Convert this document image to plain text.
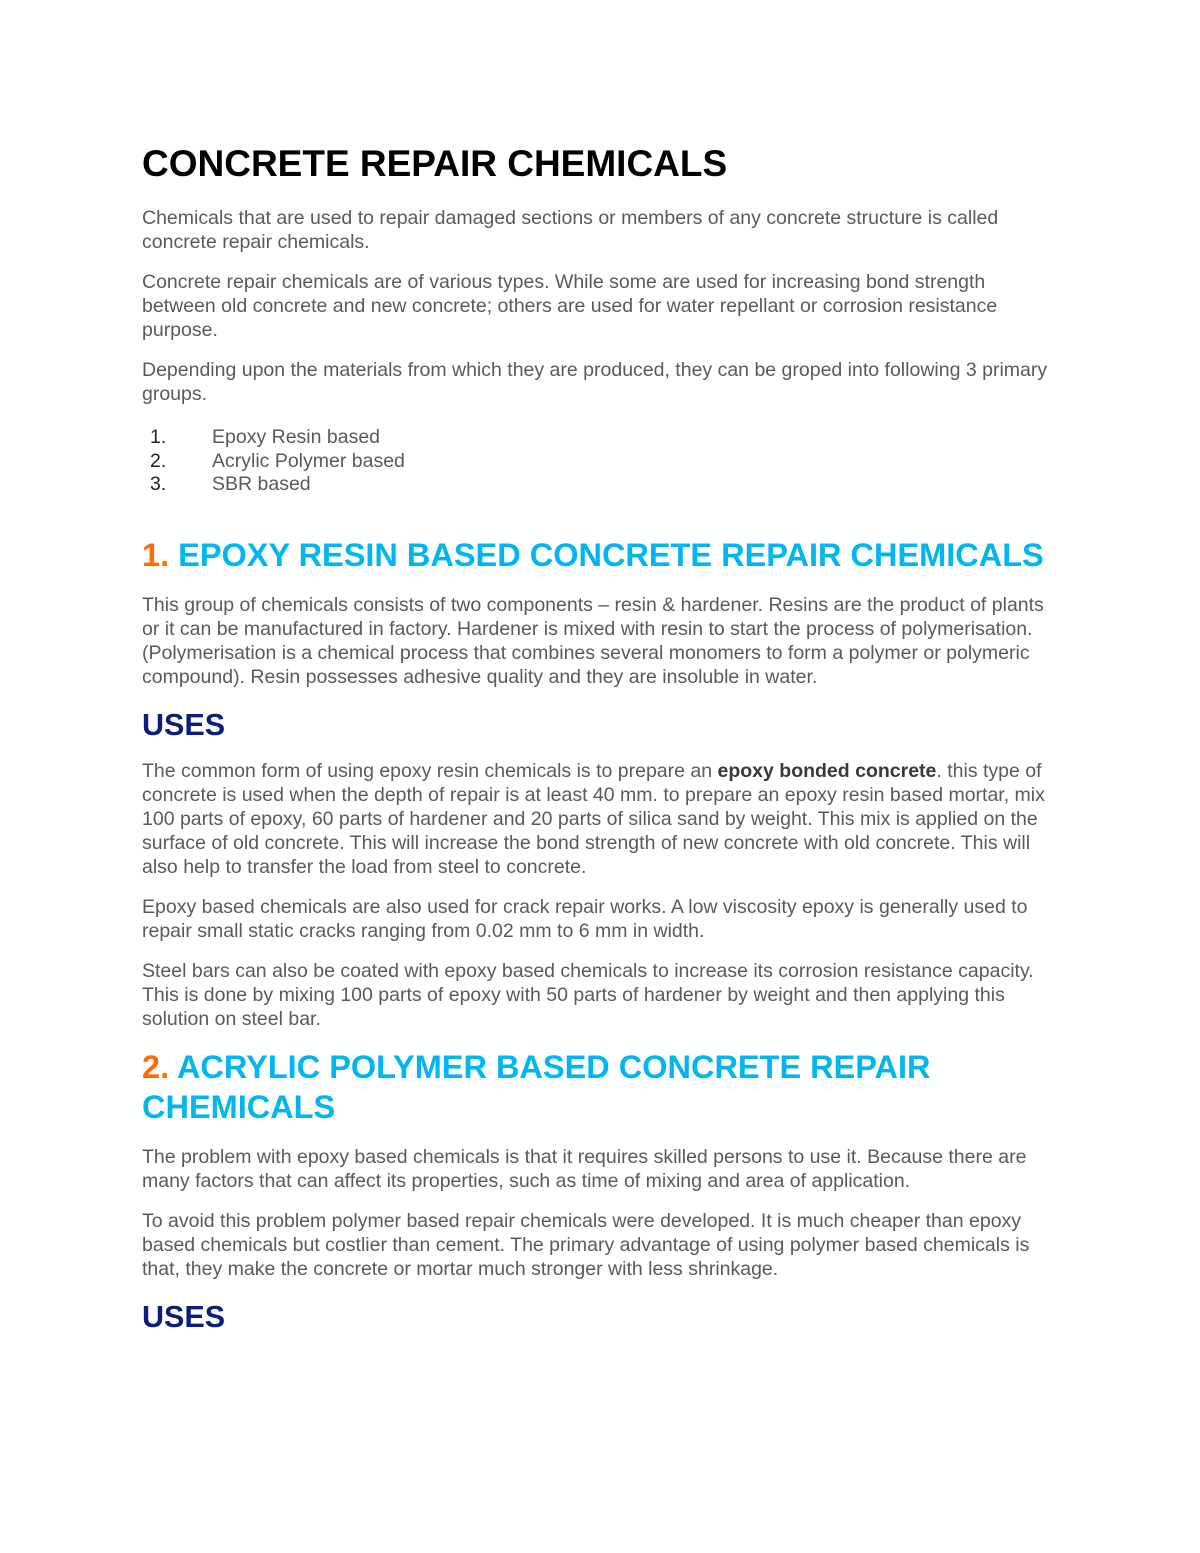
CONCRETE REPAIR CHEMICALS

Chemicals that are used to repair damaged sections or members of any concrete structure is called concrete repair chemicals.

Concrete repair chemicals are of various types. While some are used for increasing bond strength between old concrete and new concrete; others are used for water repellant or corrosion resistance purpose.

Depending upon the materials from which they are produced, they can be groped into following 3 primary groups.

1.	Epoxy Resin based
2.	Acrylic Polymer based
3.	SBR based
1. EPOXY RESIN BASED CONCRETE REPAIR CHEMICALS

This group of chemicals consists of two components – resin & hardener. Resins are the product of plants or it can be manufactured in factory. Hardener is mixed with resin to start the process of polymerisation. (Polymerisation is a chemical process that combines several monomers to form a polymer or polymeric compound). Resin possesses adhesive quality and they are insoluble in water.

USES

The common form of using epoxy resin chemicals is to prepare an epoxy bonded concrete. this type of concrete is used when the depth of repair is at least 40 mm. to prepare an epoxy resin based mortar, mix 100 parts of epoxy, 60 parts of hardener and 20 parts of silica sand by weight. This mix is applied on the surface of old concrete. This will increase the bond strength of new concrete with old concrete. This will also help to transfer the load from steel to concrete.

Epoxy based chemicals are also used for crack repair works. A low viscosity epoxy is generally used to repair small static cracks ranging from 0.02 mm to 6 mm in width.

Steel bars can also be coated with epoxy based chemicals to increase its corrosion resistance capacity. This is done by mixing 100 parts of epoxy with 50 parts of hardener by weight and then applying this solution on steel bar.

2. ACRYLIC POLYMER BASED CONCRETE REPAIR CHEMICALS

The problem with epoxy based chemicals is that it requires skilled persons to use it. Because there are many factors that can affect its properties, such as time of mixing and area of application.

To avoid this problem polymer based repair chemicals were developed. It is much cheaper than epoxy based chemicals but costlier than cement. The primary advantage of using polymer based chemicals is that, they make the concrete or mortar much stronger with less shrinkage.

USES
